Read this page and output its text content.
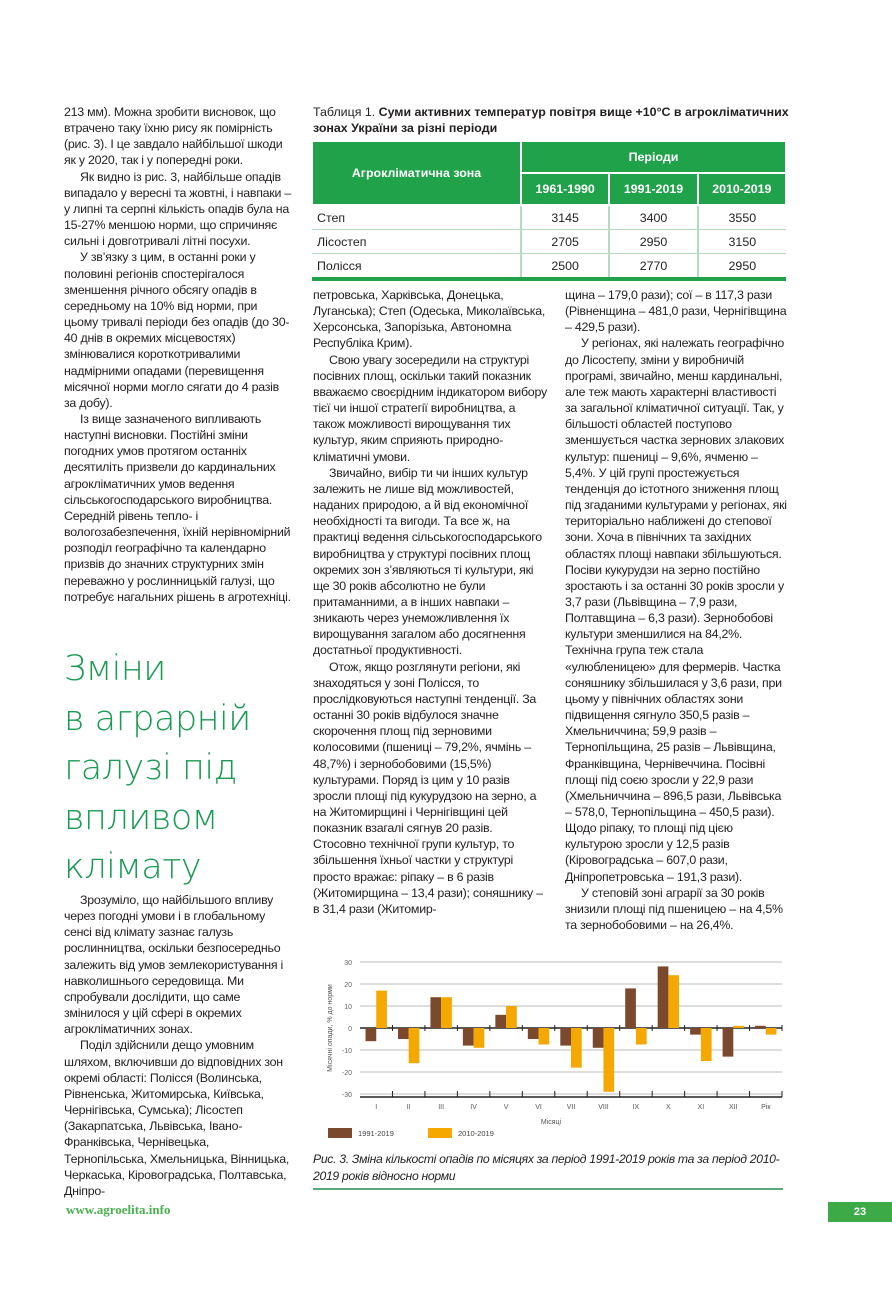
213 мм). Можна зробити висновок, що втрачено таку їхню рису як помірність (рис. 3). І це завдало найбільшої шкоди як у 2020, так і у попередні роки.

Як видно із рис. 3, найбільше опадів випадало у вересні та жовтні, і навпаки – у липні та серпні кількість опадів була на 15-27% меншою норми, що спричиняє сильні і довготривалі літні посухи.

У зв’язку з цим, в останні роки у половині регіонів спостерігалося зменшення річного обсягу опадів в середньому на 10% від норми, при цьому тривалі періоди без опадів (до 30-40 днів в окремих місцевостях) змінювалися короткотривалими надмірними опадами (перевищення місячної норми могло сягати до 4 разів за добу).

Із вище зазначеного випливають наступні висновки. Постійні зміни погодних умов протягом останніх десятиліть призвели до кардинальних агрокліматичних умов ведення сільськогосподарського виробництва. Середній рівень тепло- і вологозабезпечення, їхній нерівномірний розподіл географічно та календарно призвів до значних структурних змін переважно у рослинницькій галузі, що потребує нагальних рішень в агротехніці.

Зміни
в аграрній
галузі під
впливом
клімату

Зрозуміло, що найбільшого впливу через погодні умови і в глобальному сенсі від клімату зазнає галузь рослинництва, оскільки безпосередньо залежить від умов землекористування і навколишнього середовища. Ми спробували дослідити, що саме змінилося у цій сфері в окремих агрокліматичних зонах.

Поділ здійснили дещо умовним шляхом, включивши до відповідних зон окремі області: Полісся (Волинська, Рівненська, Житомирська, Київська, Чернігівська, Сумська); Лісостеп (Закарпатська, Львівська, Івано-Франківська, Чернівецька, Тернопільська, Хмельницька, Вінницька, Черкаська, Кіровоградська, Полтавська, Дніпро-

Таблиця 1. Суми активних температур повітря вище +10°С в агрокліматичних зонах України за різні періоди
Агрокліматична зона	Періоди		
	1961-1990	1991-2019	2010-2019
Степ	3145	3400	3550
Лісостеп	2705	2950	3150
Полісся	2500	2770	2950

петровська, Харківська, Донецька, Луганська); Степ (Одеська, Миколаївська, Херсонська, Запорізька, Автономна Республіка Крим).

Свою увагу зосередили на структурі посівних площ, оскільки такий показник вважаємо своєрідним індикатором вибору тієї чи іншої стратегії виробництва, а також можливості вирощування тих культур, яким сприяють природно-кліматичні умови.

Звичайно, вибір ти чи інших культур залежить не лише від можливостей, наданих природою, а й від економічної необхідності та вигоди. Та все ж, на практиці ведення сільськогосподарського виробництва у структурі посівних площ окремих зон з’являються ті культури, які ще 30 років абсолютно не були притаманними, а в інших навпаки – зникають через унеможливлення їх вирощування загалом або досягнення достатньої продуктивності.

Отож, якщо розглянути регіони, які знаходяться у зоні Полісся, то прослідковуються наступні тенденції. За останні 30 років відбулося значне скорочення площ під зерновими колосовими (пшениці – 79,2%, ячмінь – 48,7%) і зернобобовими (15,5%) культурами. Поряд із цим у 10 разів зросли площі під кукурудзою на зерно, а на Житомирщині і Чернігівщині цей показник взагалі сягнув 20 разів. Стосовно технічної групи культур, то збільшення їхньої частки у структурі просто вражає: ріпаку – в 6 разів (Житомирщина – 13,4 рази); соняшнику – в 31,4 рази (Житомир-

щина – 179,0 рази); сої – в 117,3 рази (Рівненщина – 481,0 рази, Чернігівщина – 429,5 рази).

У регіонах, які належать географічно до Лісостепу, зміни у виробничій програмі, звичайно, менш кардинальні, але теж мають характерні властивості за загальної кліматичної ситуації. Так, у більшості областей поступово зменшується частка зернових злакових культур: пшениці – 9,6%, ячменю – 5,4%. У цій групі простежується тенденція до істотного зниження площ під згаданими культурами у регіонах, які територіально наближені до степової зони. Хоча в північних та західних областях площі навпаки збільшуються. Посіви кукурудзи на зерно постійно зростають і за останні 30 років зросли у 3,7 рази (Львівщина – 7,9 рази, Полтавщина – 6,3 рази). Зернобобові культури зменшилися на 84,2%. Технічна група теж стала «улюбленицею» для фермерів. Частка соняшнику збільшилася у 3,6 рази, при цьому у північних областях зони підвищення сягнуло 350,5 разів – Хмельниччина; 59,9 разів – Тернопільщина, 25 разів – Львівщина, Франківщина, Чернівеччина. Посівні площі під соєю зросли у 22,9 рази (Хмельниччина – 896,5 рази, Львівська – 578,0, Тернопільщина – 450,5 рази). Щодо ріпаку, то площі під цією культурою зросли у 12,5 разів (Кіровоградська – 607,0 рази, Дніпропетровська – 191,3 рази).

У степовій зоні аграрії за 30 років знизили площі під пшеницею – на 4,5% та зернобобовими – на 26,4%.

30
20
10
0
-10
-20
-30
I	II	III	IV	V	VI	VII	VIII	IX	X	XI	XII	Рік
Місяці
Місячні опади, % до норми
1991-2019	2010-2019
Рис. 3. Зміна кількості опадів по місяцях за період 1991-2019 років та за період 2010-2019 років відносно норми
www.agroelita.info	23
